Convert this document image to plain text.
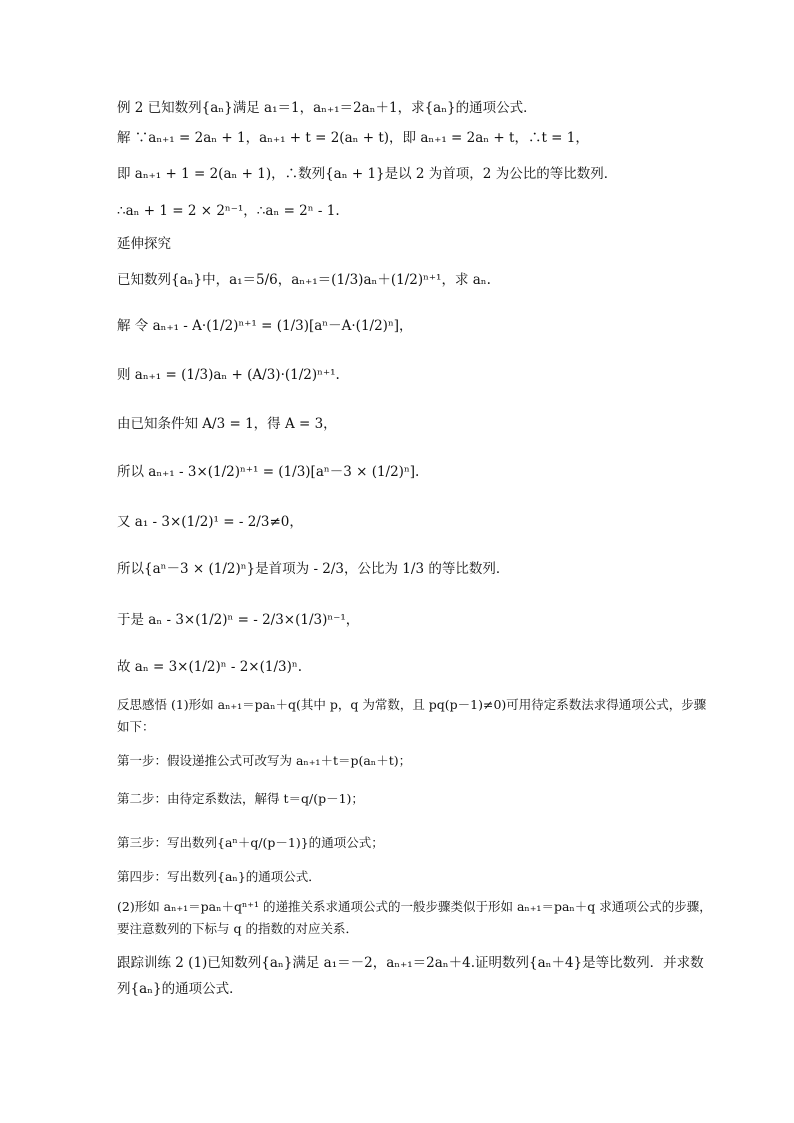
例 2 已知数列{aₙ}满足 a₁＝1，aₙ₊₁＝2aₙ＋1，求{aₙ}的通项公式．
解 ∵aₙ₊₁ = 2aₙ + 1，aₙ₊₁ + t = 2(aₙ + t)，即 aₙ₊₁ = 2aₙ + t，∴t = 1，
即 aₙ₊₁ + 1 = 2(aₙ + 1)，∴数列{aₙ + 1}是以 2 为首项，2 为公比的等比数列．
∴aₙ + 1 = 2 × 2ⁿ⁻¹，∴aₙ = 2ⁿ - 1.
延伸探究
已知数列{aₙ}中，a₁＝5/6，aₙ₊₁＝(1/3)aₙ＋(1/2)ⁿ⁺¹，求 aₙ.
解 令 aₙ₊₁ - A·(1/2)ⁿ⁺¹ = (1/3)[aⁿ－A·(1/2)ⁿ]，
则 aₙ₊₁ = (1/3)aₙ + (A/3)·(1/2)ⁿ⁺¹.
由已知条件知 A/3 = 1，得 A = 3，
所以 aₙ₊₁ - 3×(1/2)ⁿ⁺¹ = (1/3)[aⁿ－3 × (1/2)ⁿ].
又 a₁ - 3×(1/2)¹ = - 2/3≠0，
所以{aⁿ－3 × (1/2)ⁿ}是首项为 - 2/3，公比为 1/3 的等比数列．
于是 aₙ - 3×(1/2)ⁿ = - 2/3×(1/3)ⁿ⁻¹，
故 aₙ = 3×(1/2)ⁿ - 2×(1/3)ⁿ.
反思感悟 (1)形如 aₙ₊₁＝paₙ＋q(其中 p，q 为常数，且 pq(p－1)≠0)可用待定系数法求得通项公式，步骤如下：
第一步：假设递推公式可改写为 aₙ₊₁＋t＝p(aₙ＋t)；
第二步：由待定系数法，解得 t＝q/(p－1)；
第三步：写出数列{aⁿ＋q/(p－1)}的通项公式；
第四步：写出数列{aₙ}的通项公式．
(2)形如 aₙ₊₁＝paₙ＋qⁿ⁺¹ 的递推关系求通项公式的一般步骤类似于形如 aₙ₊₁＝paₙ＋q 求通项公式的步骤，要注意数列的下标与 q 的指数的对应关系．
跟踪训练 2 (1)已知数列{aₙ}满足 a₁＝－2，aₙ₊₁＝2aₙ＋4.证明数列{aₙ＋4}是等比数列．并求数列{aₙ}的通项公式．
